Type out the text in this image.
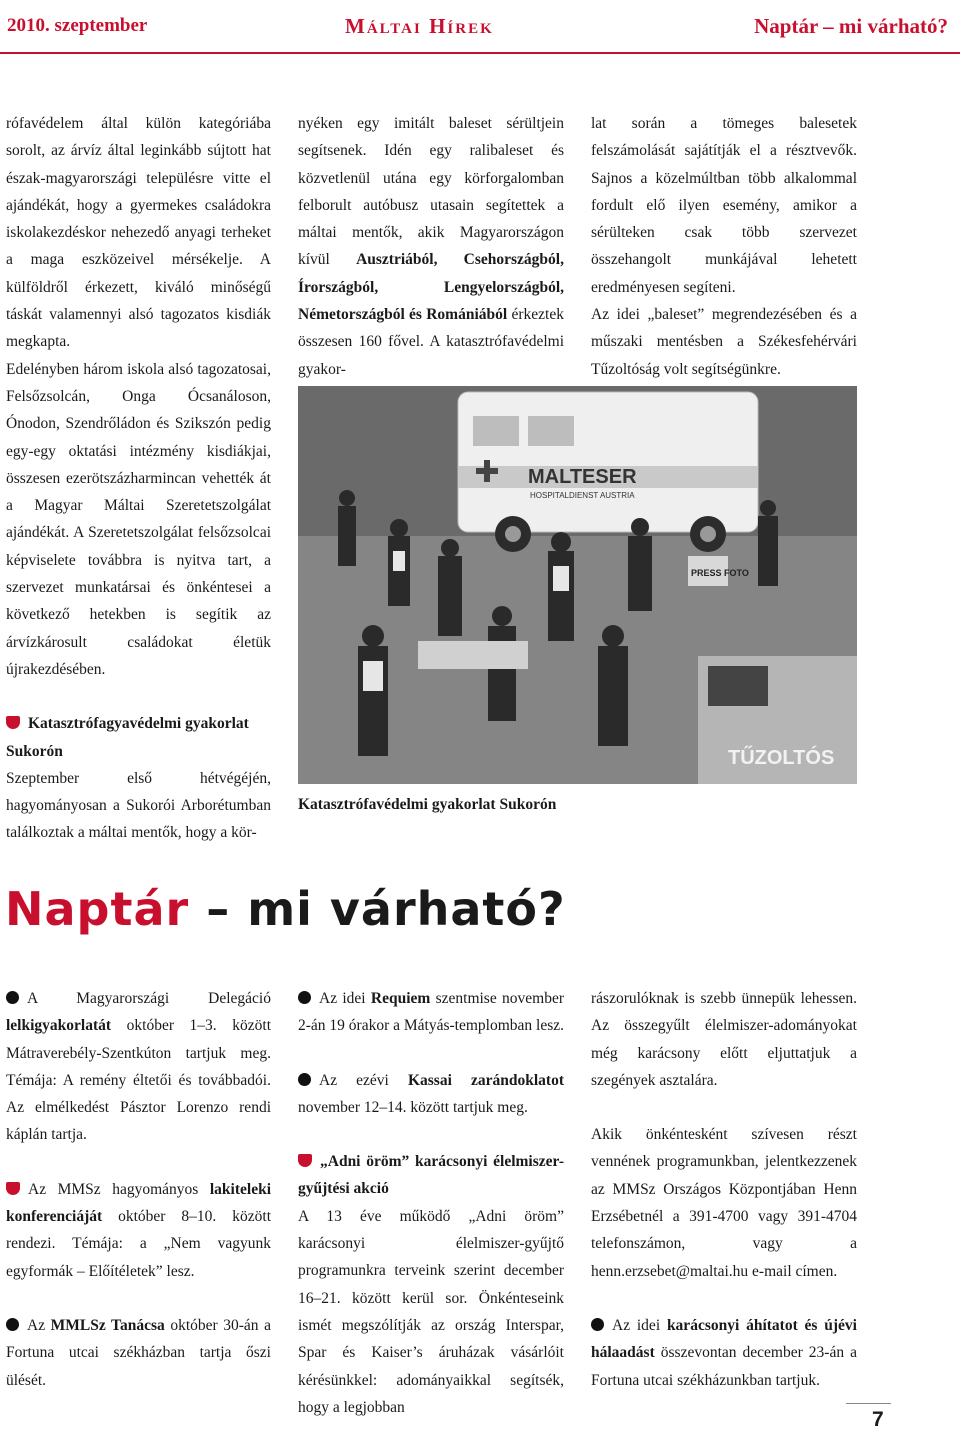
2010. szeptember	Máltai Hírek	Naptár – mi várható?

rófavédelem által külön kategóriába sorolt, az árvíz által leginkább sújtott hat észak-magyarországi településre vitte el ajándékát, hogy a gyermekes családokra iskolakezdéskor nehezedő anyagi terheket a maga eszközeivel mérsékelje. A külföldről érkezett, kiváló minőségű táskát valamennyi alsó tagozatos kisdiák megkapta.

Edelényben három iskola alsó tagozatosai, Felsőzsolcán, Onga Ócsanáloson, Ónodon, Szendrőládon és Szikszón pedig egy-egy oktatási intézmény kisdiákjai, összesen ezerötszázharmincan vehették át a Magyar Máltai Szeretetszolgálat ajándékát. A Szeretetszolgálat felsőzsolcai képviselete továbbra is nyitva tart, a szervezet munkatársai és önkéntesei a következő hetekben is segítik az árvízkárosult családokat életük újrakezdésében.

Katasztrófagyavédelmi gyakorlat
Sukorón

Szeptember első hétvégéjén, hagyományosan a Sukorói Arborétumban találkoztak a máltai mentők, hogy a kör-

nyéken egy imitált baleset sérültjein segítsenek. Idén egy ralibaleset és közvetlenül utána egy körforgalomban felborult autóbusz utasain segítettek a máltai mentők, akik Magyarországon kívül Ausztriából, Csehországból, Írországból, Lengyelországból, Németországból és Romániából érkeztek összesen 160 fővel. A katasztrófavédelmi gyakor-

lat során a tömeges balesetek felszámolását sajátítják el a résztvevők. Sajnos a közelmúltban több alkalommal fordult elő ilyen esemény, amikor a sérülteken csak több szervezet összehangolt munkájával lehetett eredményesen segíteni.

Az idei „baleset” megrendezésében és a műszaki mentésben a Székesfehérvári Tűzoltóság volt segítségünkre.

MALTESER
HOSPITALDIENST AUSTRIA
PRESS FOTO
TŰZOLTÓS
Katasztrófavédelmi gyakorlat Sukorón
Naptár – mi várható?

A Magyarországi Delegáció lelkigyakorlatát október 1–3. között Mátraverebély-Szentkúton tartjuk meg. Témája: A remény éltetői és továbbadói. Az elmélkedést Pásztor Lorenzo rendi káplán tartja.

Az MMSz hagyományos lakiteleki konferenciáját október 8–10. között rendezi. Témája: a „Nem vagyunk egyformák – Előítéletek” lesz.

Az MMLSz Tanácsa október 30-án a Fortuna utcai székházban tartja őszi ülését.

Az idei Requiem szentmise november 2-án 19 órakor a Mátyás-templomban lesz.

Az ezévi Kassai zarándoklatot november 12–14. között tartjuk meg.

„Adni öröm” karácsonyi élelmiszer-gyűjtési akció

A 13 éve működő „Adni öröm” karácsonyi élelmiszer-gyűjtő programunkra terveink szerint december 16–21. között kerül sor. Önkénteseink ismét megszólítják az ország Interspar, Spar és Kaiser’s áruházak vásárlóit kérésünkkel: adományaikkal segítsék, hogy a legjobban

rászorulóknak is szebb ünnepük lehessen. Az összegyűlt élelmiszer-adományokat még karácsony előtt eljuttatjuk a szegények asztalára.

Akik önkéntesként szívesen részt vennének programunkban, jelentkezzenek az MMSz Országos Központjában Henn Erzsébetnél a 391-4700 vagy 391-4704 telefonszámon, vagy a henn.erzsebet@maltai.hu e-mail címen.

Az idei karácsonyi áhítatot és újévi hálaadást összevontan december 23-án a Fortuna utcai székházunkban tartjuk.

7
